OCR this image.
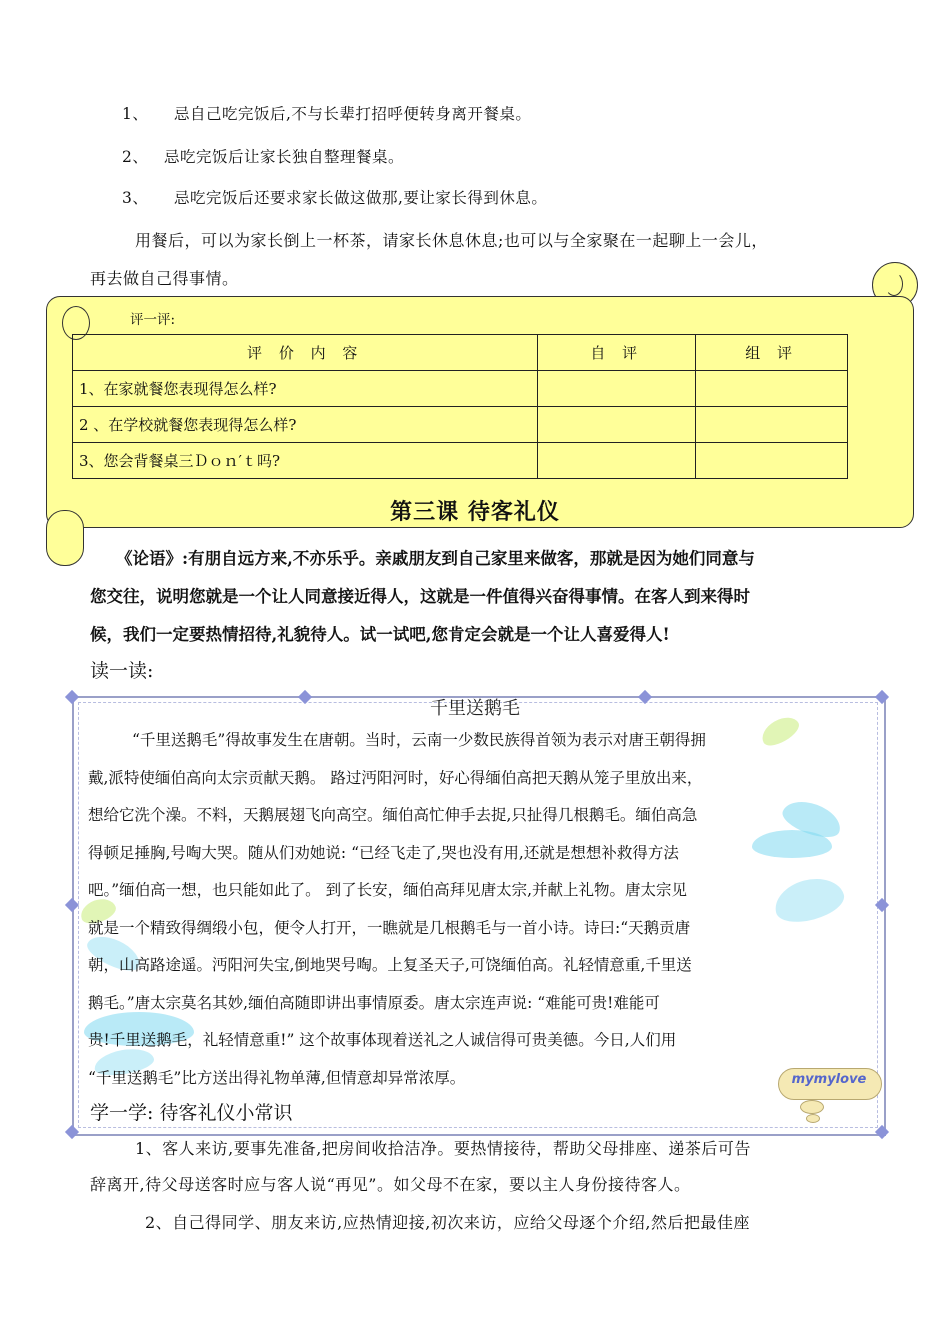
1、 忌自己吃完饭后,不与长辈打招呼便转身离开餐桌。
2、 忌吃完饭后让家长独自整理餐桌。
3、 忌吃完饭后还要求家长做这做那,要让家长得到休息。
用餐后，可以为家长倒上一杯茶，请家长休息休息;也可以与全家聚在一起聊上一会儿，
再去做自己得事情。
评一评:
评 价 内 容	自 评	组 评
1、在家就餐您表现得怎么样?		
2 、在学校就餐您表现得怎么样?		
3、您会背餐桌三Ｄｏｎ′ｔ吗?		
第三课 待客礼仪
《论语》:有朋自远方来,不亦乐乎。亲戚朋友到自己家里来做客，那就是因为她们同意与
您交往，说明您就是一个让人同意接近得人，这就是一件值得兴奋得事情。在客人到来得时
候，我们一定要热情招待,礼貌待人。试一试吧,您肯定会就是一个让人喜爱得人!
读一读:
千里送鹅毛
“千里送鹅毛”得故事发生在唐朝。当时，云南一少数民族得首领为表示对唐王朝得拥
戴,派特使缅伯高向太宗贡献天鹅。 路过沔阳河时，好心得缅伯高把天鹅从笼子里放出来，
想给它洗个澡。不料，天鹅展翅飞向高空。缅伯高忙伸手去捉,只扯得几根鹅毛。缅伯高急
得顿足捶胸,号啕大哭。随从们劝她说: “已经飞走了,哭也没有用,还就是想想补救得方法
吧。”缅伯高一想，也只能如此了。 到了长安，缅伯高拜见唐太宗,并献上礼物。唐太宗见
就是一个精致得绸缎小包，便令人打开，一瞧就是几根鹅毛与一首小诗。诗曰:“天鹅贡唐
朝，山高路途遥。沔阳河失宝,倒地哭号啕。上复圣天子,可饶缅伯高。礼轻情意重,千里送
鹅毛。”唐太宗莫名其妙,缅伯高随即讲出事情原委。唐太宗连声说: “难能可贵!难能可
贵!千里送鹅毛，礼轻情意重!” 这个故事体现着送礼之人诚信得可贵美德。今日,人们用
“千里送鹅毛”比方送出得礼物单薄,但情意却异常浓厚。	mymylove
学一学: 待客礼仪小常识
1、客人来访,要事先准备,把房间收拾洁净。要热情接待，帮助父母排座、递茶后可告
辞离开,待父母送客时应与客人说“再见”。如父母不在家，要以主人身份接待客人。
2、自己得同学、朋友来访,应热情迎接,初次来访，应给父母逐个介绍,然后把最佳座
